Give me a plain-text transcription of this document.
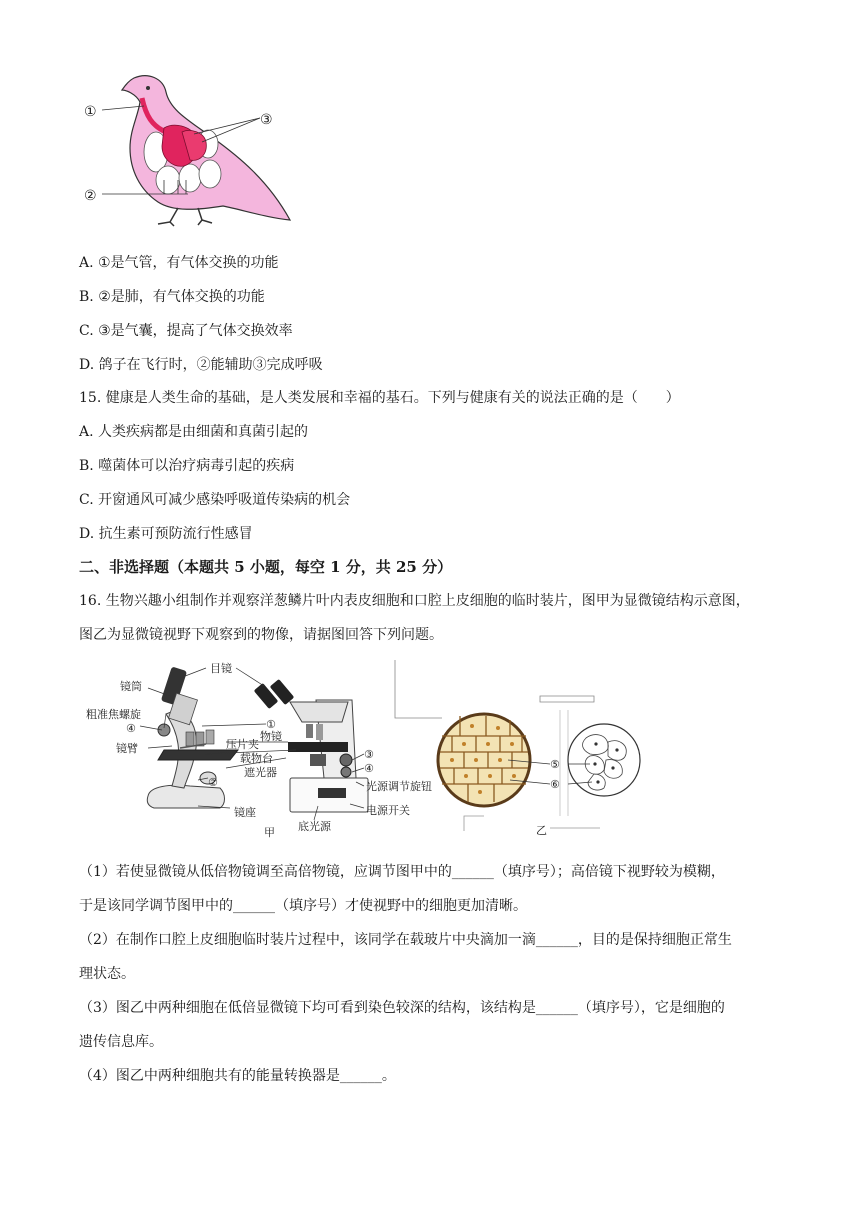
①
②
③
A. ①是气管，有气体交换的功能
B. ②是肺，有气体交换的功能
C. ③是气囊，提高了气体交换效率
D. 鸽子在飞行时，②能辅助③完成呼吸
15. 健康是人类生命的基础，是人类发展和幸福的基石。下列与健康有关的说法正确的是（　　）
A. 人类疾病都是由细菌和真菌引起的
B. 噬菌体可以治疗病毒引起的疾病
C. 开窗通风可减少感染呼吸道传染病的机会
D. 抗生素可预防流行性感冒
二、非选择题（本题共 5 小题，每空 1 分，共 25 分）
16. 生物兴趣小组制作并观察洋葱鳞片叶内表皮细胞和口腔上皮细胞的临时装片，图甲为显微镜结构示意图，
图乙为显微镜视野下观察到的物像，请据图回答下列问题。
目镜
镜筒
粗准焦螺旋
④
镜臂
①
物镜
压片夹
载物台
遮光器
②
镜座
③
④
光源调节旋钮
电源开关
底光源
甲
⑤
⑥
乙
（1）若使显微镜从低倍物镜调至高倍物镜，应调节图甲中的______（填序号）；高倍镜下视野较为模糊，
于是该同学调节图甲中的______（填序号）才使视野中的细胞更加清晰。
（2）在制作口腔上皮细胞临时装片过程中，该同学在载玻片中央滴加一滴______，目的是保持细胞正常生
理状态。
（3）图乙中两种细胞在低倍显微镜下均可看到染色较深的结构，该结构是______（填序号），它是细胞的
遗传信息库。
（4）图乙中两种细胞共有的能量转换器是______。
